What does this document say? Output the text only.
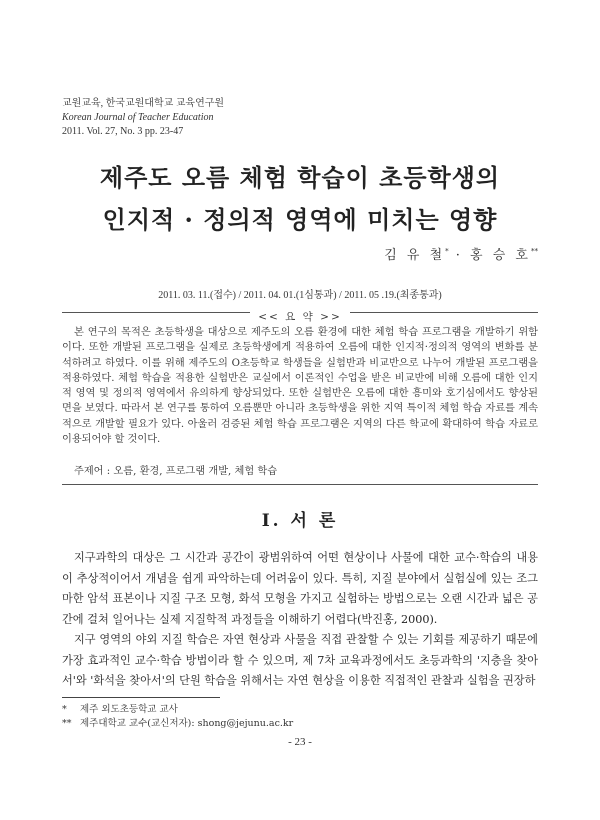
교원교육, 한국교원대학교 교육연구원
Korean Journal of Teacher Education
2011. Vol. 27, No. 3 pp. 23-47
제주도 오름 체험 학습이 초등학생의
인지적 · 정의적 영역에 미치는 영향
김 유 철* · 홍 승 호**
2011. 03. 11.(접수) / 2011. 04. 01.(1심통과) / 2011. 05 .19.(최종통과)
<< 요 약 >>
본 연구의 목적은 초등학생을 대상으로 제주도의 오름 환경에 대한 체험 학습 프로그램을 개발하기 위함이다. 또한 개발된 프로그램을 실제로 초등학생에게 적용하여 오름에 대한 인지적·정의적 영역의 변화를 분석하려고 하였다. 이를 위해 제주도의 O초등학교 학생들을 실험반과 비교반으로 나누어 개발된 프로그램을 적용하였다. 체험 학습을 적용한 실험반은 교실에서 이론적인 수업을 받은 비교반에 비해 오름에 대한 인지적 영역 및 정의적 영역에서 유의하게 향상되었다. 또한 실험반은 오름에 대한 흥미와 호기심에서도 향상된 면을 보였다. 따라서 본 연구를 통하여 오름뿐만 아니라 초등학생을 위한 지역 특이적 체험 학습 자료를 계속적으로 개발할 필요가 있다. 아울러 검증된 체험 학습 프로그램은 지역의 다른 학교에 확대하여 학습 자료로 이용되어야 할 것이다.
주제어 : 오름, 환경, 프로그램 개발, 체험 학습
Ⅰ. 서 론
지구과학의 대상은 그 시간과 공간이 광범위하여 어떤 현상이나 사물에 대한 교수·학습의 내용이 추상적이어서 개념을 쉽게 파악하는데 어려움이 있다. 특히, 지질 분야에서 실험실에 있는 조그마한 암석 표본이나 지질 구조 모형, 화석 모형을 가지고 실험하는 방법으로는 오랜 시간과 넓은 공간에 걸쳐 일어나는 실제 지질학적 과정들을 이해하기 어렵다(박진홍, 2000).
지구 영역의 야외 지질 학습은 자연 현상과 사물을 직접 관찰할 수 있는 기회를 제공하기 때문에 가장 효과적인 교수·학습 방법이라 할 수 있으며, 제 7차 교육과정에서도 초등과학의 '지층을 찾아서'와 '화석을 찾아서'의 단원 학습을 위해서는 자연 현상을 이용한 직접적인 관찰과 실험을 권장하
* 제주 외도초등학교 교사
** 제주대학교 교수(교신저자): shong@jejunu.ac.kr
- 23 -
